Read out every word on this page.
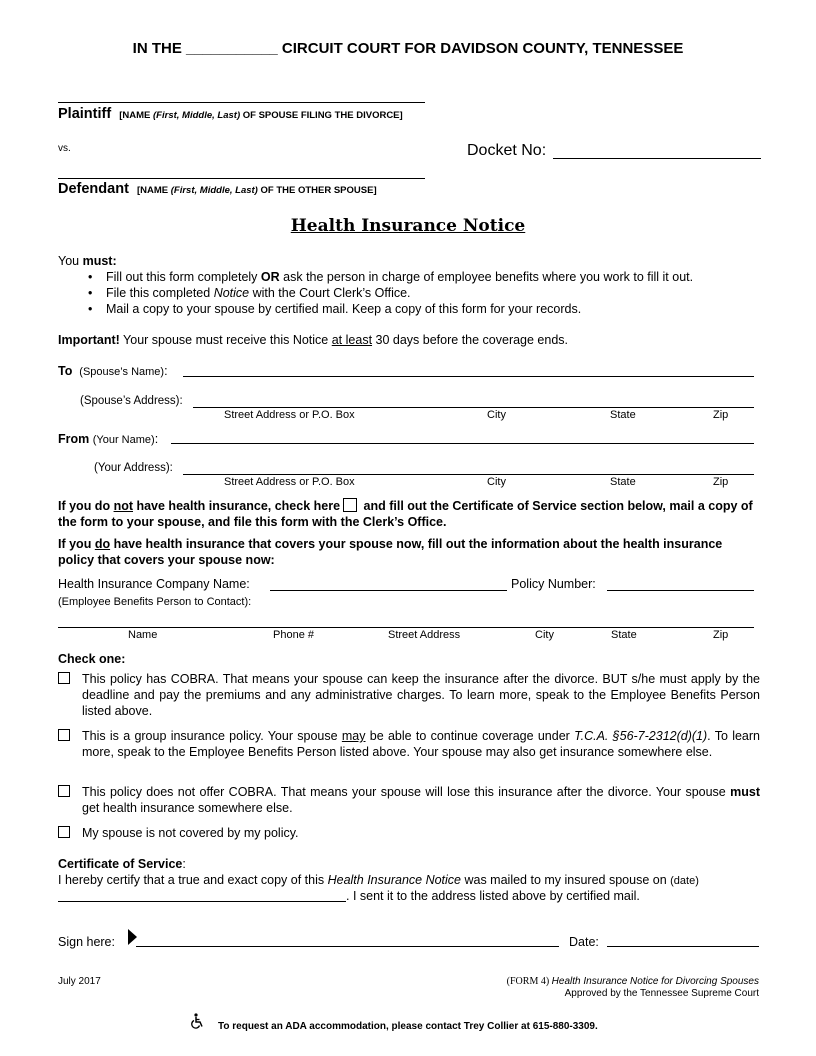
IN THE ___________ CIRCUIT COURT FOR DAVIDSON COUNTY, TENNESSEE
Plaintiff [NAME (First, Middle, Last) OF SPOUSE FILING THE DIVORCE]
vs.	Docket No:
Defendant [NAME (First, Middle, Last) OF THE OTHER SPOUSE]
Health Insurance Notice
You must:
• Fill out this form completely OR ask the person in charge of employee benefits where you work to fill it out.
• File this completed Notice with the Court Clerk’s Office.
• Mail a copy to your spouse by certified mail. Keep a copy of this form for your records.
Important! Your spouse must receive this Notice at least 30 days before the coverage ends.
To (Spouse’s Name):
(Spouse’s Address):
Street Address or P.O. Box	City	State	Zip
From (Your Name):
(Your Address):
Street Address or P.O. Box	City	State	Zip
If you do not have health insurance, check here and fill out the Certificate of Service section below, mail a copy of the form to your spouse, and file this form with the Clerk’s Office.
If you do have health insurance that covers your spouse now, fill out the information about the health insurance policy that covers your spouse now:
Health Insurance Company Name:	Policy Number:
(Employee Benefits Person to Contact):
Name	Phone #	Street Address	City	State	Zip
Check one:
This policy has COBRA. That means your spouse can keep the insurance after the divorce. BUT s/he must apply by the deadline and pay the premiums and any administrative charges. To learn more, speak to the Employee Benefits Person listed above.
This is a group insurance policy. Your spouse may be able to continue coverage under T.C.A. §56-7-2312(d)(1). To learn more, speak to the Employee Benefits Person listed above. Your spouse may also get insurance somewhere else.
This policy does not offer COBRA. That means your spouse will lose this insurance after the divorce. Your spouse must get health insurance somewhere else.
My spouse is not covered by my policy.
Certificate of Service:
I hereby certify that a true and exact copy of this Health Insurance Notice was mailed to my insured spouse on (date)
. I sent it to the address listed above by certified mail.
Sign here:	Date:
July 2017	(FORM 4) Health Insurance Notice for Divorcing Spouses
Approved by the Tennessee Supreme Court
To request an ADA accommodation, please contact Trey Collier at 615-880-3309.
